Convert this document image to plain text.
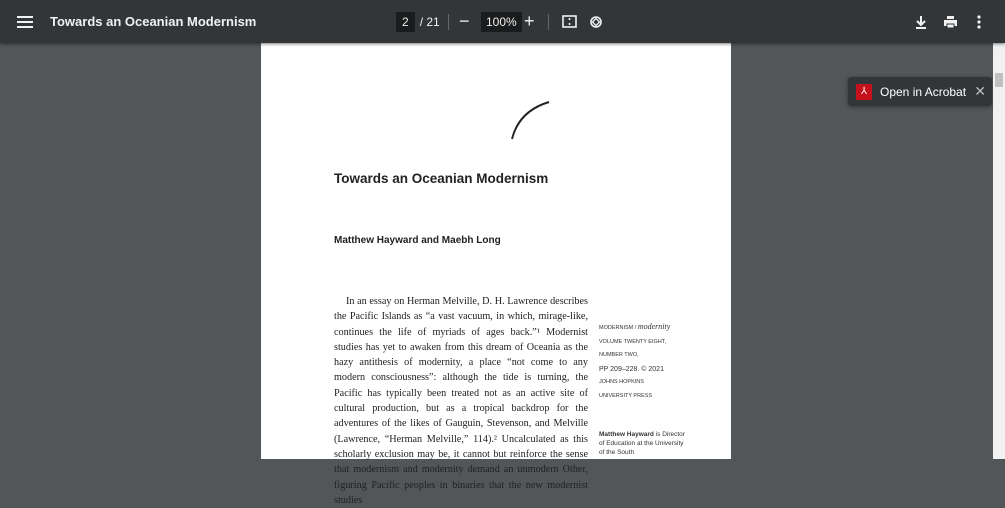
Towards an Oceanian Modernism	2 / 21 −	100% +
Towards an Oceanian Modernism
Matthew Hayward and Maebh Long

In an essay on Herman Melville, D. H. Lawrence describes the Pacific Islands as “a vast vacuum, in which, mirage-like, continues the life of myriads of ages back.”¹ Modernist studies has yet to awaken from this dream of Oceania as the hazy antithesis of modernity, a place “not come to any modern consciousness”: although the tide is turning, the Pacific has typically been treated not as an active site of cultural production, but as a tropical backdrop for the adventures of the likes of Gauguin, Stevenson, and Melville (Lawrence, “Herman Melville,” 114).² Uncalculated as this scholarly exclusion may be, it cannot but reinforce the sense that modernism and modernity demand an unmodern Other, figuring Pacific peoples in binaries that the new modernist studies

MODERNISM / modernity
VOLUME TWENTY EIGHT,
NUMBER TWO,
PP 209–228. © 2021
JOHNS HOPKINS
UNIVERSITY PRESS
Matthew Hayward is Director of Education at the University of the South
⅄	Open in Acrobat ✕
